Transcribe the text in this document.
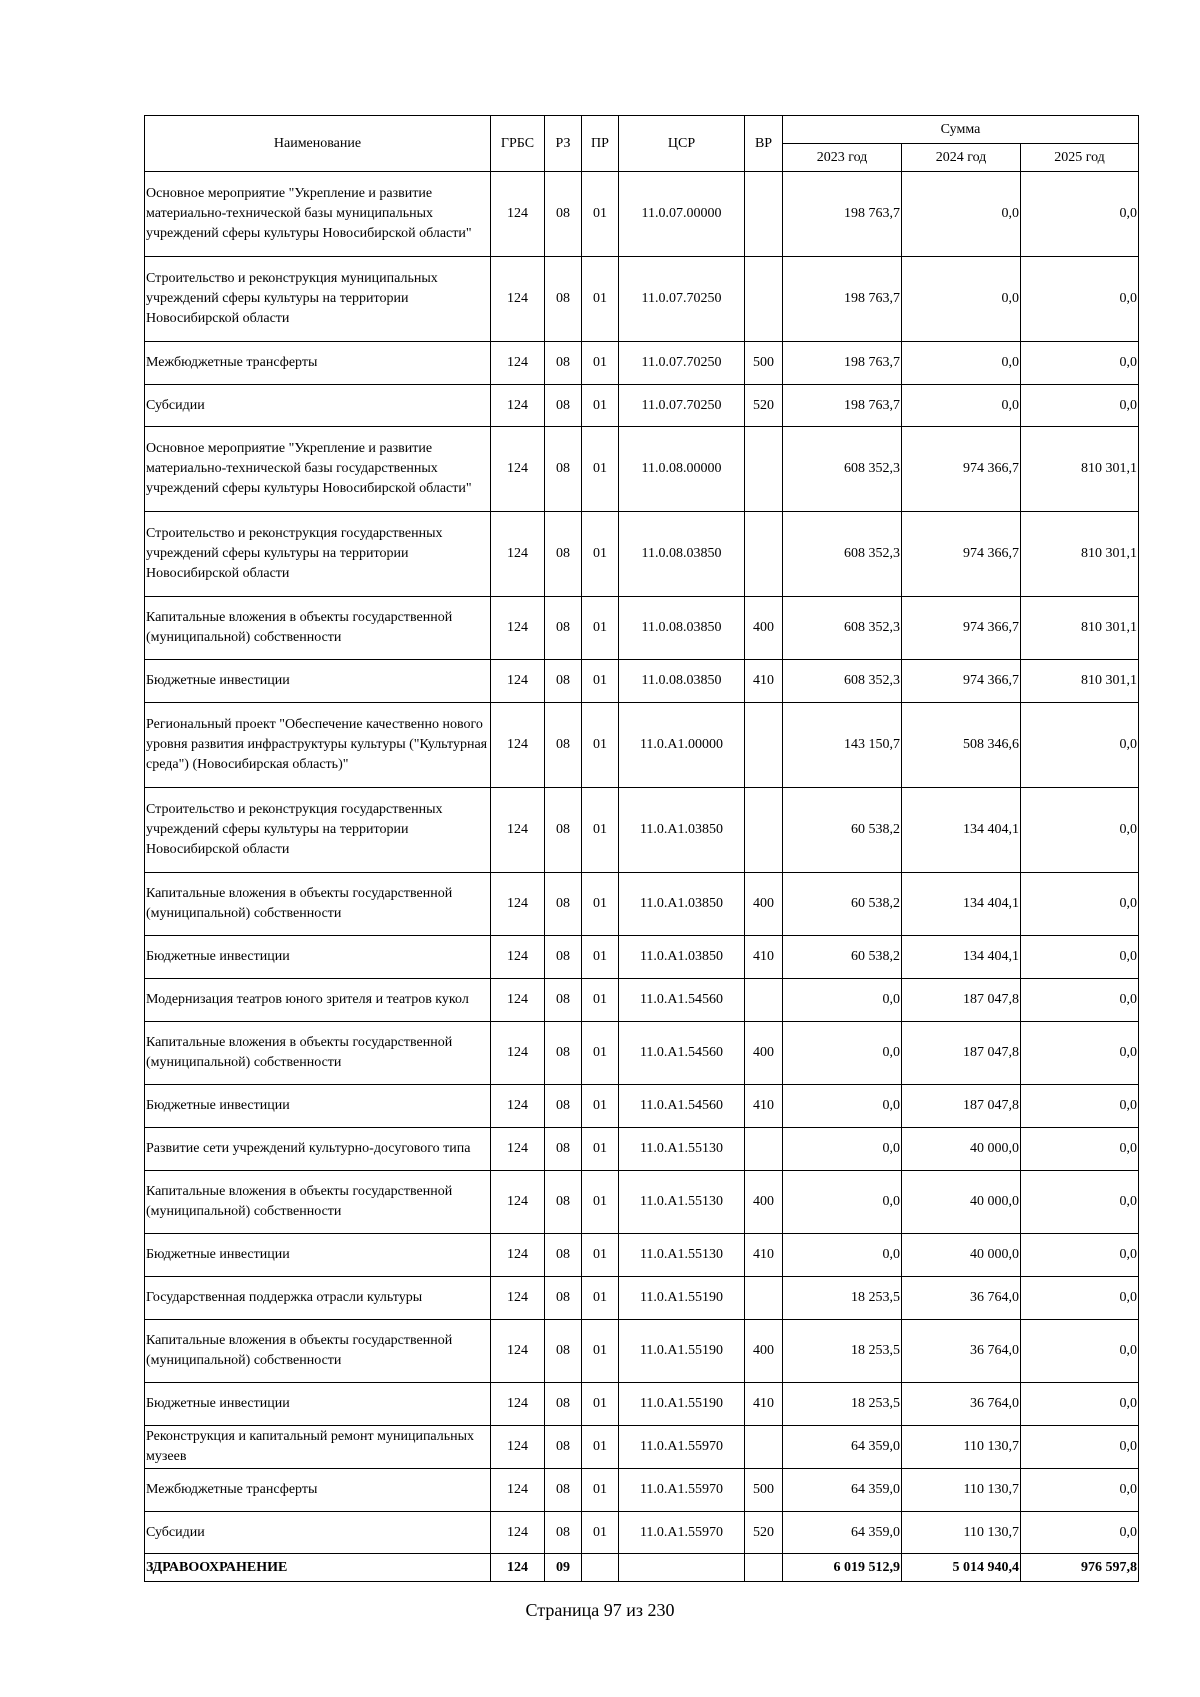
Наименование	ГРБС	РЗ	ПР	ЦСР	ВР	Сумма		
						2023 год	2024 год	2025 год
Основное мероприятие "Укрепление и развитие материально-технической базы муниципальных учреждений сферы культуры Новосибирской области"	124	08	01	11.0.07.00000		198 763,7	0,0	0,0
Строительство и реконструкция муниципальных учреждений сферы культуры на территории Новосибирской области	124	08	01	11.0.07.70250		198 763,7	0,0	0,0
Межбюджетные трансферты	124	08	01	11.0.07.70250	500	198 763,7	0,0	0,0
Субсидии	124	08	01	11.0.07.70250	520	198 763,7	0,0	0,0
Основное мероприятие "Укрепление и развитие материально-технической базы государственных учреждений сферы культуры Новосибирской области"	124	08	01	11.0.08.00000		608 352,3	974 366,7	810 301,1
Строительство и реконструкция государственных учреждений сферы культуры на территории Новосибирской области	124	08	01	11.0.08.03850		608 352,3	974 366,7	810 301,1
Капитальные вложения в объекты государственной (муниципальной) собственности	124	08	01	11.0.08.03850	400	608 352,3	974 366,7	810 301,1
Бюджетные инвестиции	124	08	01	11.0.08.03850	410	608 352,3	974 366,7	810 301,1
Региональный проект "Обеспечение качественно нового уровня развития инфраструктуры культуры ("Культурная среда") (Новосибирская область)"	124	08	01	11.0.А1.00000		143 150,7	508 346,6	0,0
Строительство и реконструкция государственных учреждений сферы культуры на территории Новосибирской области	124	08	01	11.0.А1.03850		60 538,2	134 404,1	0,0
Капитальные вложения в объекты государственной (муниципальной) собственности	124	08	01	11.0.А1.03850	400	60 538,2	134 404,1	0,0
Бюджетные инвестиции	124	08	01	11.0.А1.03850	410	60 538,2	134 404,1	0,0
Модернизация театров юного зрителя и театров кукол	124	08	01	11.0.А1.54560		0,0	187 047,8	0,0
Капитальные вложения в объекты государственной (муниципальной) собственности	124	08	01	11.0.А1.54560	400	0,0	187 047,8	0,0
Бюджетные инвестиции	124	08	01	11.0.А1.54560	410	0,0	187 047,8	0,0
Развитие сети учреждений культурно-досугового типа	124	08	01	11.0.А1.55130		0,0	40 000,0	0,0
Капитальные вложения в объекты государственной (муниципальной) собственности	124	08	01	11.0.А1.55130	400	0,0	40 000,0	0,0
Бюджетные инвестиции	124	08	01	11.0.А1.55130	410	0,0	40 000,0	0,0
Государственная поддержка отрасли культуры	124	08	01	11.0.А1.55190		18 253,5	36 764,0	0,0
Капитальные вложения в объекты государственной (муниципальной) собственности	124	08	01	11.0.А1.55190	400	18 253,5	36 764,0	0,0
Бюджетные инвестиции	124	08	01	11.0.А1.55190	410	18 253,5	36 764,0	0,0
Реконструкция и капитальный ремонт муниципальных музеев	124	08	01	11.0.А1.55970		64 359,0	110 130,7	0,0
Межбюджетные трансферты	124	08	01	11.0.А1.55970	500	64 359,0	110 130,7	0,0
Субсидии	124	08	01	11.0.А1.55970	520	64 359,0	110 130,7	0,0
ЗДРАВООХРАНЕНИЕ	124	09				6 019 512,9	5 014 940,4	976 597,8
Страница 97 из 230
